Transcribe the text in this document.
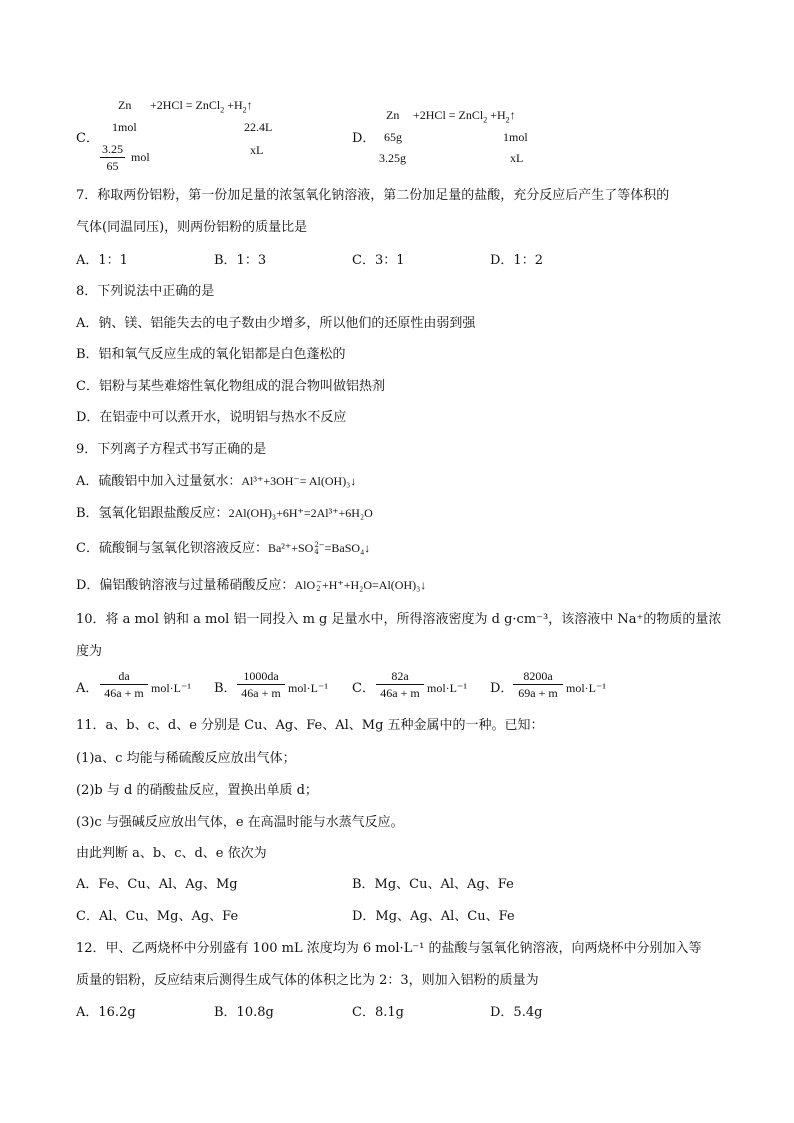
Zn +2HCl = ZnCl$_2$ $+H_2↑$
C．
1mol	22.4L
$\frac{3.25}{65}$ mol	xL
D．
Zn +2HCl = ZnCl$_2$ $+H_2↑$
65g	1mol
3.25g	xL
7．称取两份铝粉，第一份加足量的浓氢氧化钠溶液，第二份加足量的盐酸，充分反应后产生了等体积的
气体(同温同压)，则两份铝粉的质量比是
A．1：1	B．1：3	C．3：1	D．1：2
8．下列说法中正确的是
A．钠、镁、铝能失去的电子数由少增多，所以他们的还原性由弱到强
B．铝和氧气反应生成的氧化铝都是白色蓬松的
C．铝粉与某些难熔性氧化物组成的混合物叫做铝热剂
D．在铝壶中可以煮开水，说明铝与热水不反应
9．下列离子方程式书写正确的是
A．硫酸铝中加入过量氨水：Al³⁺+3OH⁻= Al(OH)₃↓
B．氢氧化铝跟盐酸反应：2Al(OH)₃+6H⁺=2Al³⁺+6H₂O
C．硫酸铜与氢氧化钡溶液反应：Ba²⁺+SO 2−
4 =BaSO₄↓
D．偏铝酸钠溶液与过量稀硝酸反应：AlO −
2 +H⁺+H₂O=Al(OH)₃↓
10．将 a mol 钠和 a mol 铝一同投入 m g 足量水中，所得溶液密度为 d g·cm⁻³，该溶液中 Na⁺的物质的量浓
度为
A． $\frac{da}{46a + m} mol\cdot L^{-1}$ B． $\frac{1000da}{46a + m} mol\cdot L^{-1}$ C． $\frac{82a}{46a + m} mol\cdot L^{-1}$ D． $\frac{8200a}{69a + m} mol\cdot L^{-1}$
11．a、b、c、d、e 分别是 Cu、Ag、Fe、Al、Mg 五种金属中的一种。已知：
(1)a、c 均能与稀硫酸反应放出气体；
(2)b 与 d 的硝酸盐反应，置换出单质 d；
(3)c 与强碱反应放出气体，e 在高温时能与水蒸气反应。
由此判断 a、b、c、d、e 依次为
A．Fe、Cu、Al、Ag、Mg	B．Mg、Cu、Al、Ag、Fe
C．Al、Cu、Mg、Ag、Fe	D．Mg、Ag、Al、Cu、Fe
12．甲、乙两烧杯中分别盛有 100 mL 浓度均为 6 mol·L⁻¹ 的盐酸与氢氧化钠溶液，向两烧杯中分别加入等
质量的铝粉，反应结束后测得生成气体的体积之比为 2：3，则加入铝粉的质量为
A．16.2g	B．10.8g	C．8.1g	D．5.4g
